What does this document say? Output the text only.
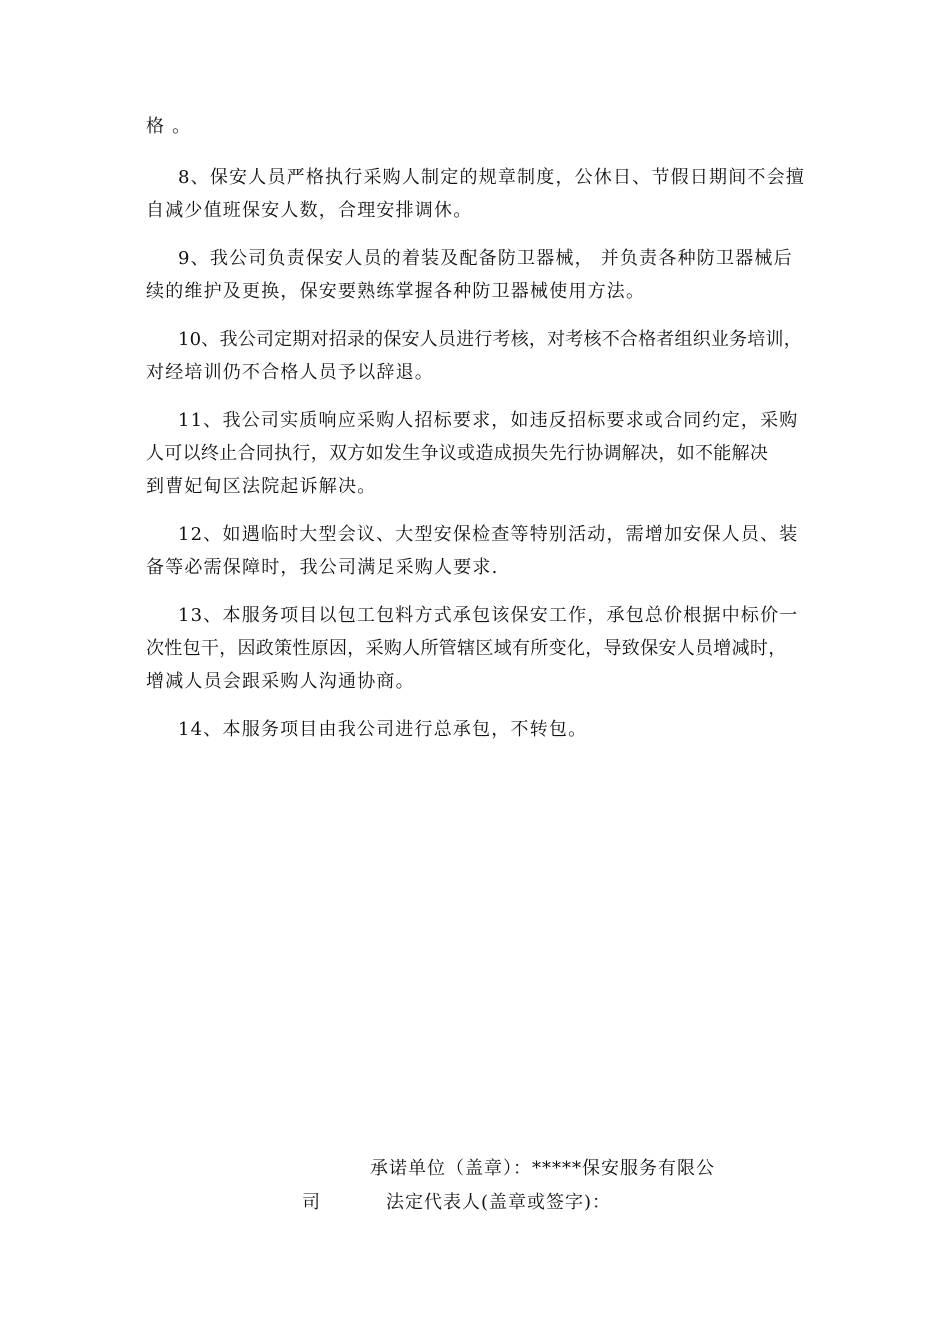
格 。
8、保安人员严格执行采购人制定的规章制度，公休日、节假日期间不会擅
自减少值班保安人数，合理安排调休。
9、我公司负责保安人员的着装及配备防卫器械， 并负责各种防卫器械后
续的维护及更换，保安要熟练掌握各种防卫器械使用方法。
10、我公司定期对招录的保安人员进行考核，对考核不合格者组织业务培训，
对经培训仍不合格人员予以辞退。
11、我公司实质响应采购人招标要求，如违反招标要求或合同约定，采购
人可以终止合同执行，双方如发生争议或造成损失先行协调解决，如不能解决
到曹妃甸区法院起诉解决。
12、如遇临时大型会议、大型安保检查等特别活动，需增加安保人员、装
备等必需保障时，我公司满足采购人要求.
13、本服务项目以包工包料方式承包该保安工作，承包总价根据中标价一
次性包干，因政策性原因，采购人所管辖区域有所变化，导致保安人员增减时，
增减人员会跟采购人沟通协商。
14、本服务项目由我公司进行总承包，不转包。
承诺单位（盖章）：*****保安服务有限公
司	法定代表人(盖章或签字)：
